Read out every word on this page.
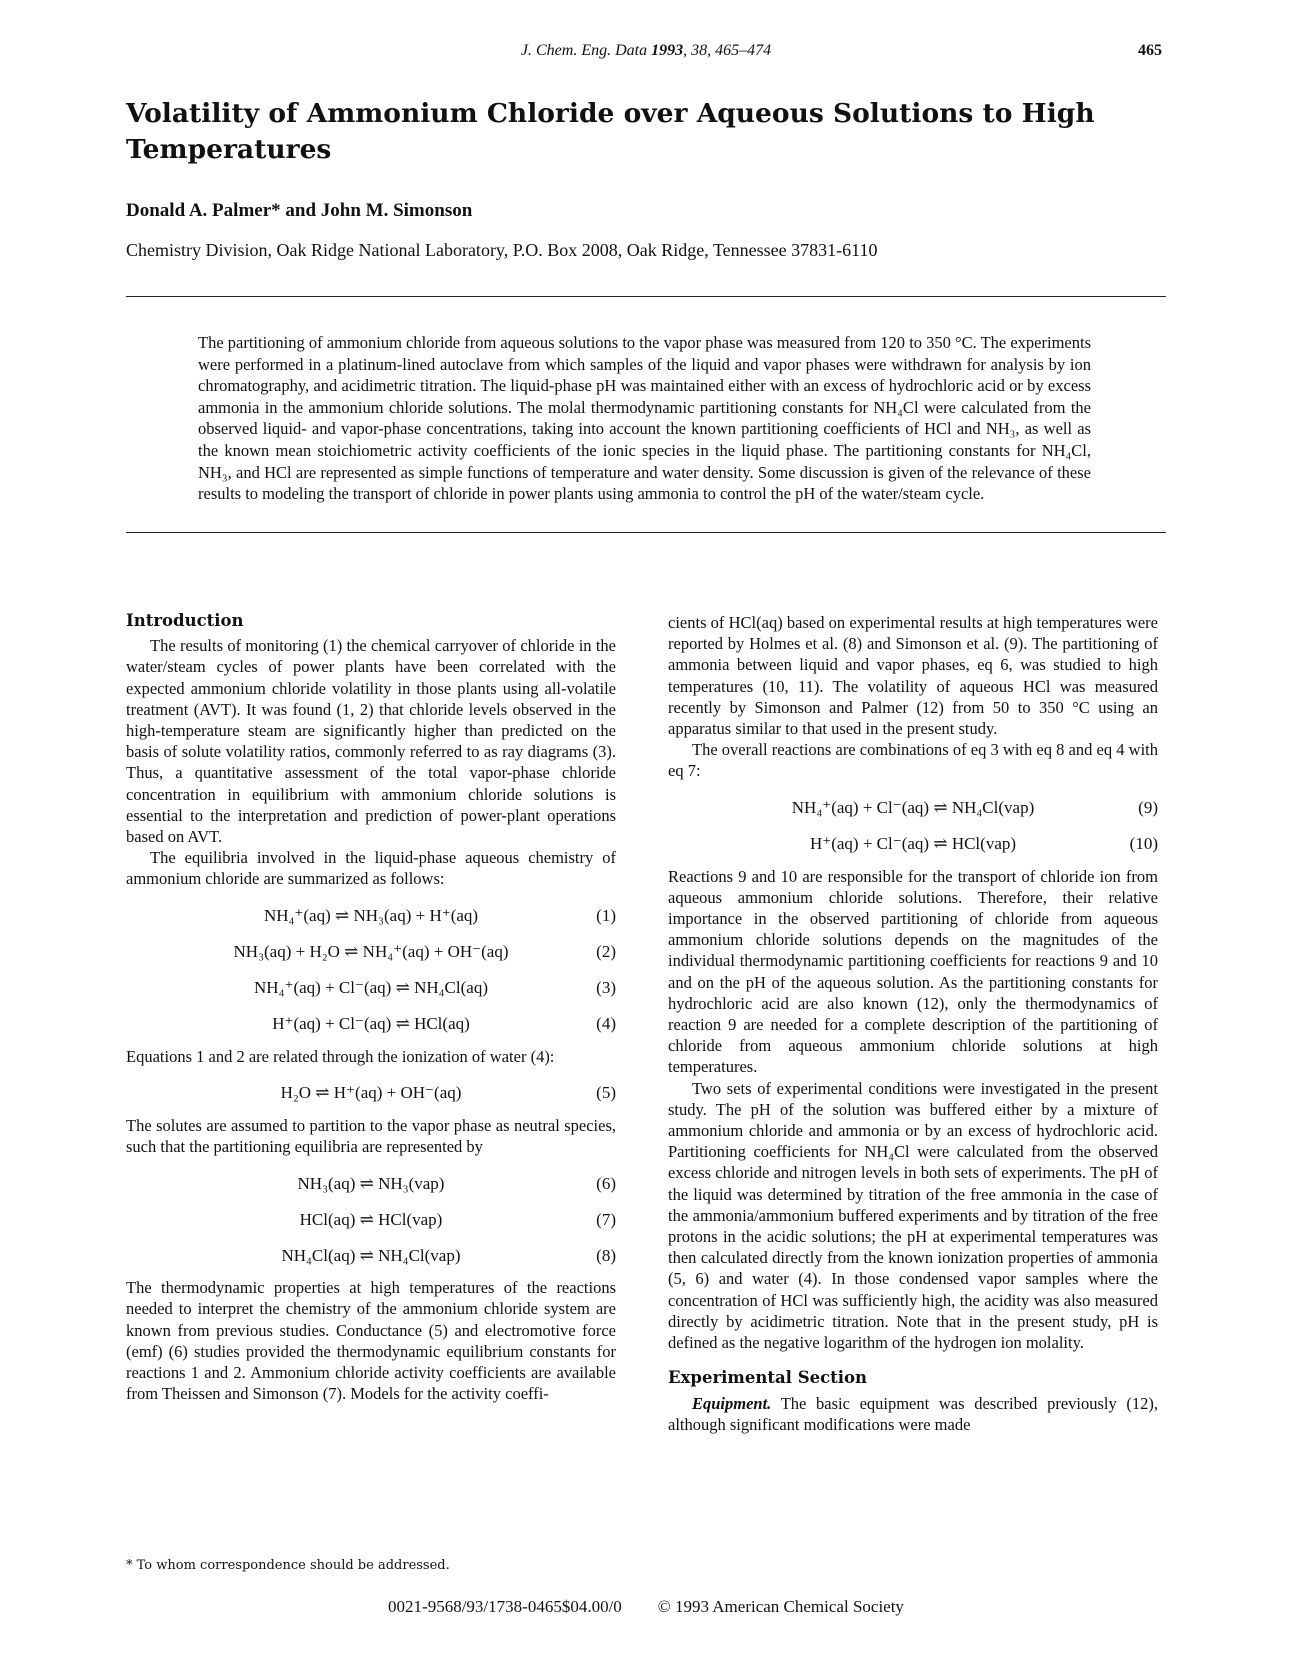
J. Chem. Eng. Data 1993, 38, 465–474	465
Volatility of Ammonium Chloride over Aqueous Solutions to High Temperatures
Donald A. Palmer* and John M. Simonson
Chemistry Division, Oak Ridge National Laboratory, P.O. Box 2008, Oak Ridge, Tennessee 37831-6110

The partitioning of ammonium chloride from aqueous solutions to the vapor phase was measured from 120 to 350 °C. The experiments were performed in a platinum-lined autoclave from which samples of the liquid and vapor phases were withdrawn for analysis by ion chromatography, and acidimetric titration. The liquid-phase pH was maintained either with an excess of hydrochloric acid or by excess ammonia in the ammonium chloride solutions. The molal thermodynamic partitioning constants for NH₄Cl were calculated from the observed liquid- and vapor-phase concentrations, taking into account the known partitioning coefficients of HCl and NH₃, as well as the known mean stoichiometric activity coefficients of the ionic species in the liquid phase. The partitioning constants for NH₄Cl, NH₃, and HCl are represented as simple functions of temperature and water density. Some discussion is given of the relevance of these results to modeling the transport of chloride in power plants using ammonia to control the pH of the water/steam cycle.

Introduction

The results of monitoring (1) the chemical carryover of chloride in the water/steam cycles of power plants have been correlated with the expected ammonium chloride volatility in those plants using all-volatile treatment (AVT). It was found (1, 2) that chloride levels observed in the high-temperature steam are significantly higher than predicted on the basis of solute volatility ratios, commonly referred to as ray diagrams (3). Thus, a quantitative assessment of the total vapor-phase chloride concentration in equilibrium with ammonium chloride solutions is essential to the interpretation and prediction of power-plant operations based on AVT.

The equilibria involved in the liquid-phase aqueous chemistry of ammonium chloride are summarized as follows:

NH₄⁺(aq) ⇌ NH₃(aq) + H⁺(aq)	(1)
NH₃(aq) + H₂O ⇌ NH₄⁺(aq) + OH⁻(aq)	(2)
NH₄⁺(aq) + Cl⁻(aq) ⇌ NH₄Cl(aq)	(3)
H⁺(aq) + Cl⁻(aq) ⇌ HCl(aq)	(4)

Equations 1 and 2 are related through the ionization of water (4):

H₂O ⇌ H⁺(aq) + OH⁻(aq)	(5)

The solutes are assumed to partition to the vapor phase as neutral species, such that the partitioning equilibria are represented by

NH₃(aq) ⇌ NH₃(vap)	(6)
HCl(aq) ⇌ HCl(vap)	(7)
NH₄Cl(aq) ⇌ NH₄Cl(vap)	(8)

The thermodynamic properties at high temperatures of the reactions needed to interpret the chemistry of the ammonium chloride system are known from previous studies. Conductance (5) and electromotive force (emf) (6) studies provided the thermodynamic equilibrium constants for reactions 1 and 2. Ammonium chloride activity coefficients are available from Theissen and Simonson (7). Models for the activity coeffi-

cients of HCl(aq) based on experimental results at high temperatures were reported by Holmes et al. (8) and Simonson et al. (9). The partitioning of ammonia between liquid and vapor phases, eq 6, was studied to high temperatures (10, 11). The volatility of aqueous HCl was measured recently by Simonson and Palmer (12) from 50 to 350 °C using an apparatus similar to that used in the present study.

The overall reactions are combinations of eq 3 with eq 8 and eq 4 with eq 7:

NH₄⁺(aq) + Cl⁻(aq) ⇌ NH₄Cl(vap)	(9)
H⁺(aq) + Cl⁻(aq) ⇌ HCl(vap)	(10)

Reactions 9 and 10 are responsible for the transport of chloride ion from aqueous ammonium chloride solutions. Therefore, their relative importance in the observed partitioning of chloride from aqueous ammonium chloride solutions depends on the magnitudes of the individual thermodynamic partitioning coefficients for reactions 9 and 10 and on the pH of the aqueous solution. As the partitioning constants for hydrochloric acid are also known (12), only the thermodynamics of reaction 9 are needed for a complete description of the partitioning of chloride from aqueous ammonium chloride solutions at high temperatures.

Two sets of experimental conditions were investigated in the present study. The pH of the solution was buffered either by a mixture of ammonium chloride and ammonia or by an excess of hydrochloric acid. Partitioning coefficients for NH₄Cl were calculated from the observed excess chloride and nitrogen levels in both sets of experiments. The pH of the liquid was determined by titration of the free ammonia in the case of the ammonia/ammonium buffered experiments and by titration of the free protons in the acidic solutions; the pH at experimental temperatures was then calculated directly from the known ionization properties of ammonia (5, 6) and water (4). In those condensed vapor samples where the concentration of HCl was sufficiently high, the acidity was also measured directly by acidimetric titration. Note that in the present study, pH is defined as the negative logarithm of the hydrogen ion molality.

Experimental Section

Equipment. The basic equipment was described previously (12), although significant modifications were made

* To whom correspondence should be addressed.
0021-9568/93/1738-0465$04.00/0 © 1993 American Chemical Society
